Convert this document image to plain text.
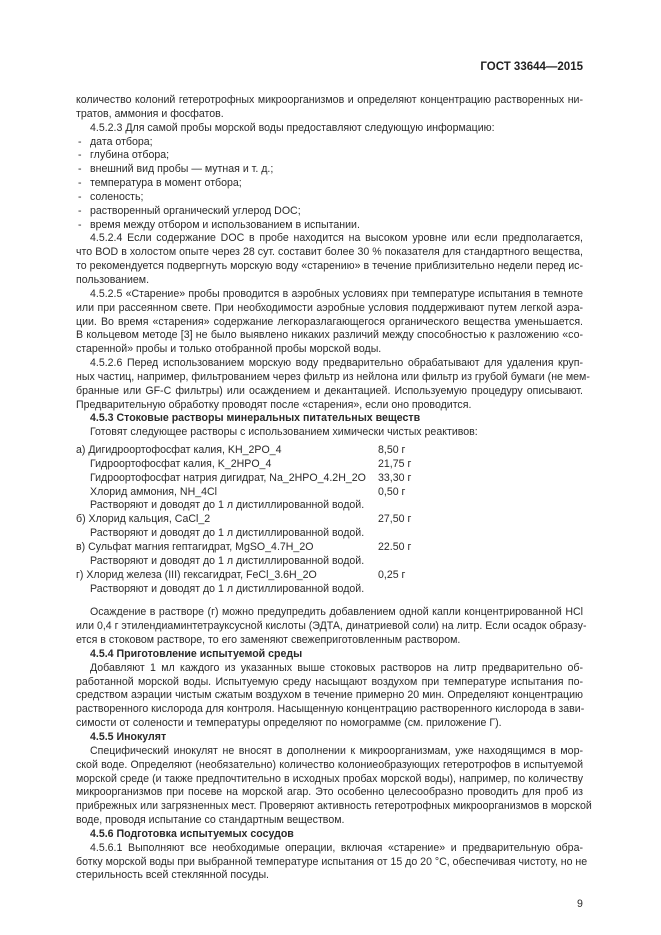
ГОСТ 33644—2015
количество колоний гетеротрофных микроорганизмов и определяют концентрацию растворенных ни-
тратов, аммония и фосфатов.
4.5.2.3 Для самой пробы морской воды предоставляют следующую информацию:
- дата отбора;
- глубина отбора;
- внешний вид пробы — мутная и т. д.;
- температура в момент отбора;
- соленость;
- растворенный органический углерод DOC;
- время между отбором и использованием в испытании.
4.5.2.4 Если содержание DOC в пробе находится на высоком уровне или если предполагается,
что BOD в холостом опыте через 28 сут. составит более 30 % показателя для стандартного вещества,
то рекомендуется подвергнуть морскую воду «старению» в течение приблизительно недели перед ис-
пользованием.
4.5.2.5 «Старение» пробы проводится в аэробных условиях при температуре испытания в темноте
или при рассеянном свете. При необходимости аэробные условия поддерживают путем легкой аэра-
ции. Во время «старения» содержание легкоразлагающегося органического вещества уменьшается.
В кольцевом методе [3] не было выявлено никаких различий между способностью к разложению «со-
старенной» пробы и только отобранной пробы морской воды.
4.5.2.6 Перед использованием морскую воду предварительно обрабатывают для удаления круп-
ных частиц, например, фильтрованием через фильтр из нейлона или фильтр из грубой бумаги (не мем-
бранные или GF-C фильтры) или осаждением и декантацией. Используемую процедуру описывают.
Предварительную обработку проводят после «старения», если оно проводится.
4.5.3 Стоковые растворы минеральных питательных веществ
Готовят следующее растворы с использованием химически чистых реактивов:
а) Дигидроортофосфат калия, KH_2PO_4	8,50 г
Гидроортофосфат калия, K_2HPO_4	21,75 г
Гидроортофосфат натрия дигидрат, Na_2HPO_4.2H_2O 33,30 г
Хлорид аммония, NH_4Cl	0,50 г
Растворяют и доводят до 1 л дистиллированной водой.
б) Хлорид кальция, CaCl_2	27,50 г
Растворяют и доводят до 1 л дистиллированной водой.
в) Сульфат магния гептагидрат, MgSO_4.7H_2O	22.50 г
Растворяют и доводят до 1 л дистиллированной водой.
г) Хлорид железа (III) гексагидрат, FeCl_3.6H_2O	0,25 г
Растворяют и доводят до 1 л дистиллированной водой.
Осаждение в растворе (г) можно предупредить добавлением одной капли концентрированной HCl
или 0,4 г этилендиаминтетрауксусной кислоты (ЭДТА, динатриевой соли) на литр. Если осадок образу-
ется в стоковом растворе, то его заменяют свежеприготовленным раствором.
4.5.4 Приготовление испытуемой среды
Добавляют 1 мл каждого из указанных выше стоковых растворов на литр предварительно об-
работанной морской воды. Испытуемую среду насыщают воздухом при температуре испытания по-
средством аэрации чистым сжатым воздухом в течение примерно 20 мин. Определяют концентрацию
растворенного кислорода для контроля. Насыщенную концентрацию растворенного кислорода в зави-
симости от солености и температуры определяют по номограмме (см. приложение Г).
4.5.5 Инокулят
Специфический инокулят не вносят в дополнении к микроорганизмам, уже находящимся в мор-
ской воде. Определяют (необязательно) количество колониеобразующих гетеротрофов в испытуемой
морской среде (и также предпочтительно в исходных пробах морской воды), например, по количеству
микроорганизмов при посеве на морской агар. Это особенно целесообразно проводить для проб из
прибрежных или загрязненных мест. Проверяют активность гетеротрофных микроорганизмов в морской
воде, проводя испытание со стандартным веществом.
4.5.6 Подготовка испытуемых сосудов
4.5.6.1 Выполняют все необходимые операции, включая «старение» и предварительную обра-
ботку морской воды при выбранной температуре испытания от 15 до 20 °С, обеспечивая чистоту, но не
стерильность всей стеклянной посуды.
9
